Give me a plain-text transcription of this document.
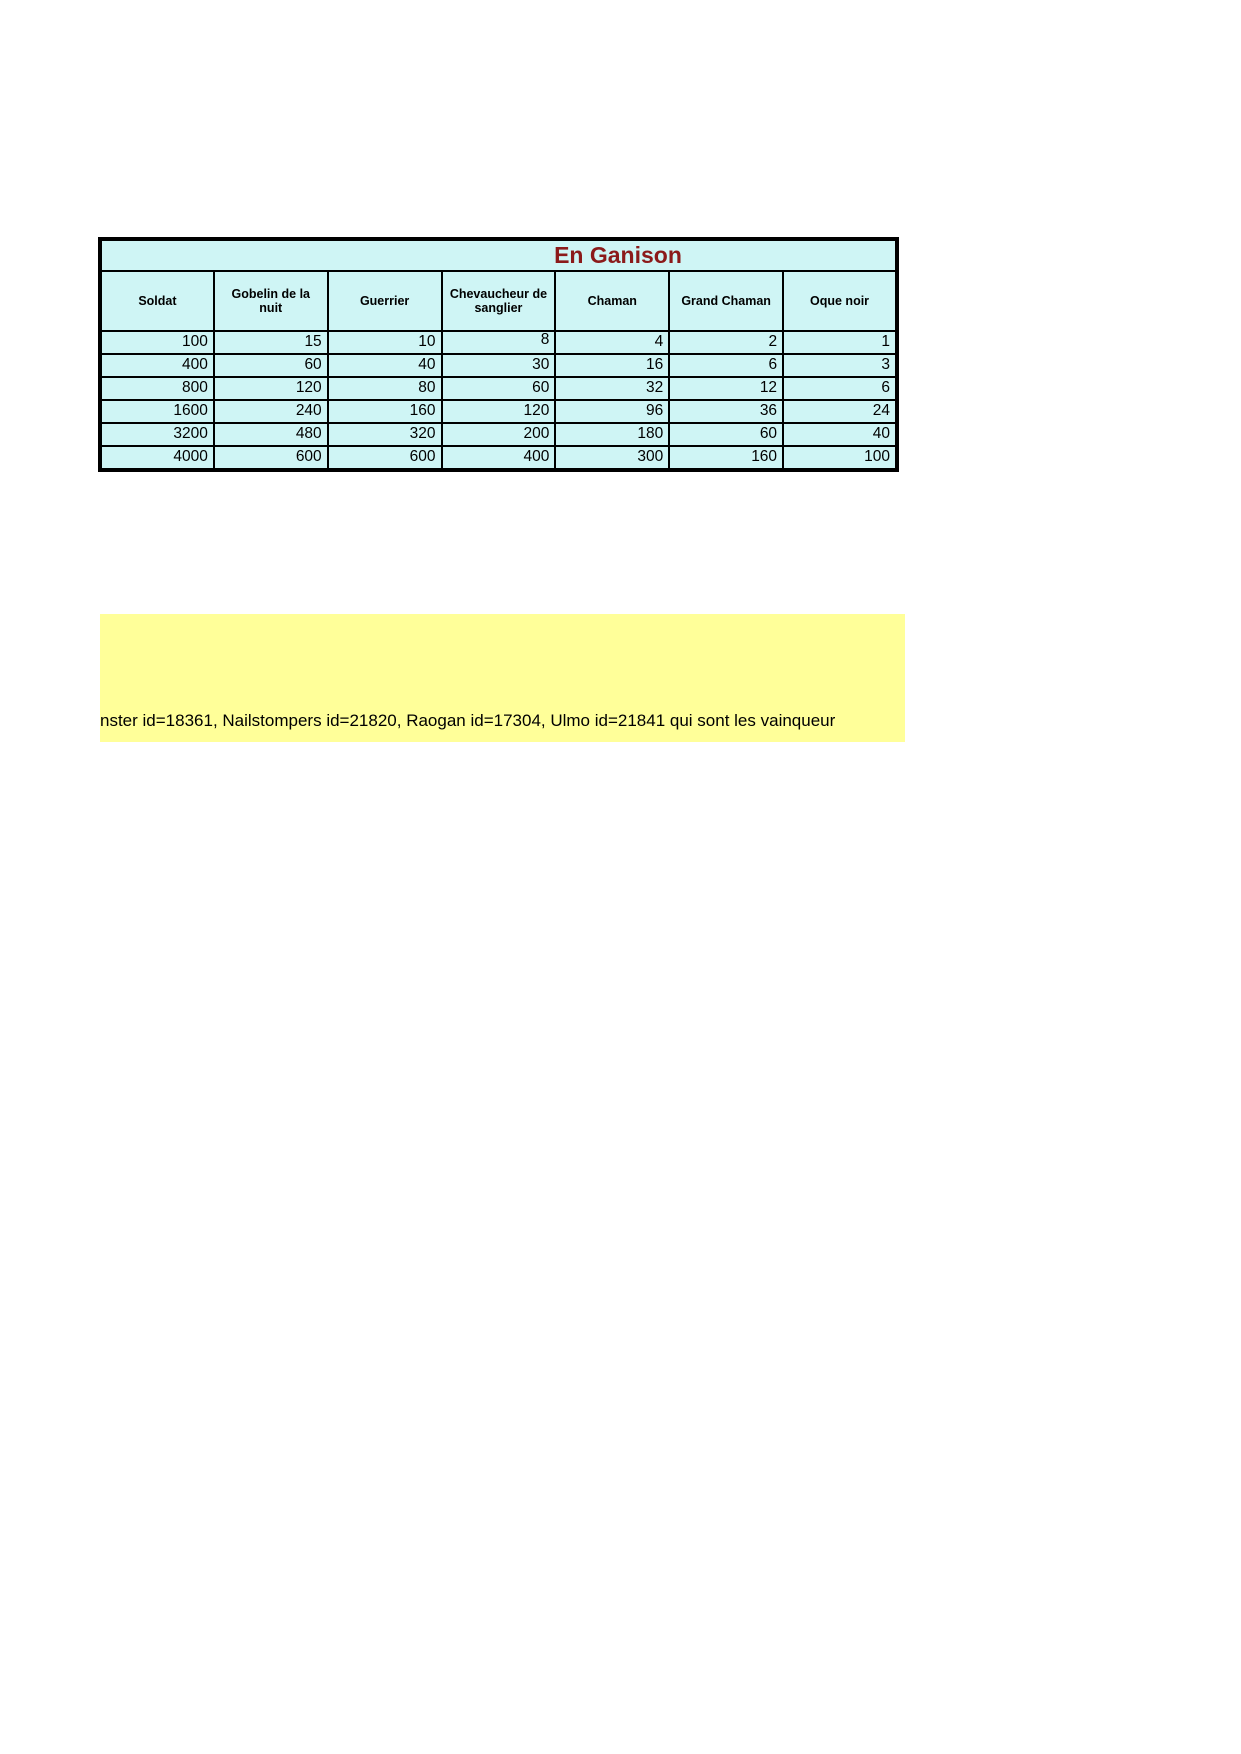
En Ganison						
Soldat	Gobelin de la nuit	Guerrier	Chevaucheur de sanglier	Chaman	Grand Chaman	Oque noir
100	15	10	8	4	2	1
400	60	40	30	16	6	3
800	120	80	60	32	12	6
1600	240	160	120	96	36	24
3200	480	320	200	180	60	40
4000	600	600	400	300	160	100
nster id=18361, Nailstompers id=21820, Raogan id=17304, Ulmo id=21841 qui sont les vainqueur
